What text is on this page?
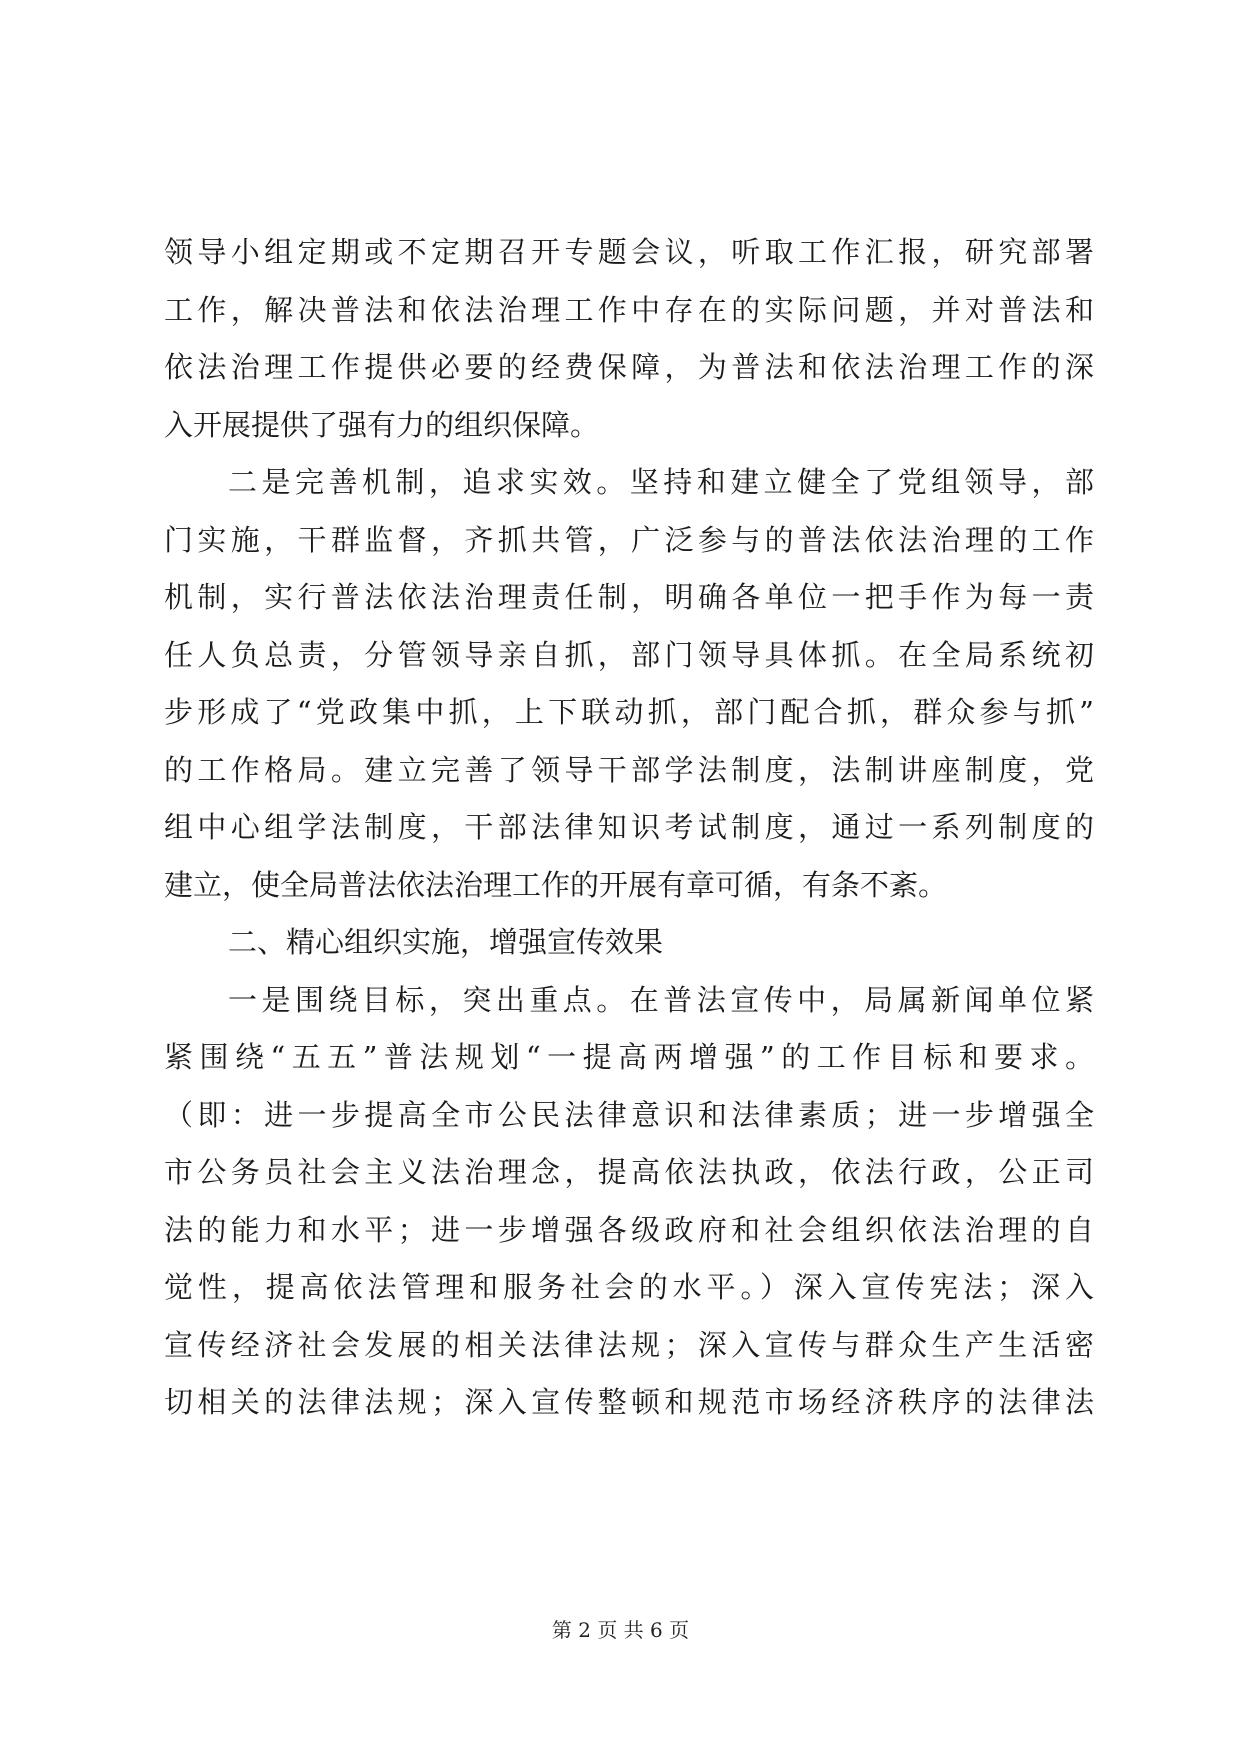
领导小组定期或不定期召开专题会议，听取工作汇报，研究部署
工作，解决普法和依法治理工作中存在的实际问题，并对普法和
依法治理工作提供必要的经费保障，为普法和依法治理工作的深
入开展提供了强有力的组织保障。
二是完善机制，追求实效。坚持和建立健全了党组领导，部
门实施，干群监督，齐抓共管，广泛参与的普法依法治理的工作
机制，实行普法依法治理责任制，明确各单位一把手作为每一责
任人负总责，分管领导亲自抓，部门领导具体抓。在全局系统初
步形成了“党政集中抓，上下联动抓，部门配合抓，群众参与抓”
的工作格局。建立完善了领导干部学法制度，法制讲座制度，党
组中心组学法制度，干部法律知识考试制度，通过一系列制度的
建立，使全局普法依法治理工作的开展有章可循，有条不紊。
二、精心组织实施，增强宣传效果
一是围绕目标，突出重点。在普法宣传中，局属新闻单位紧
紧围绕“五五”普法规划“一提高两增强”的工作目标和要求。
（即：进一步提高全市公民法律意识和法律素质；进一步增强全
市公务员社会主义法治理念，提高依法执政，依法行政，公正司
法的能力和水平；进一步增强各级政府和社会组织依法治理的自
觉性，提高依法管理和服务社会的水平。）深入宣传宪法；深入
宣传经济社会发展的相关法律法规；深入宣传与群众生产生活密
切相关的法律法规；深入宣传整顿和规范市场经济秩序的法律法
第 2 页 共 6 页
